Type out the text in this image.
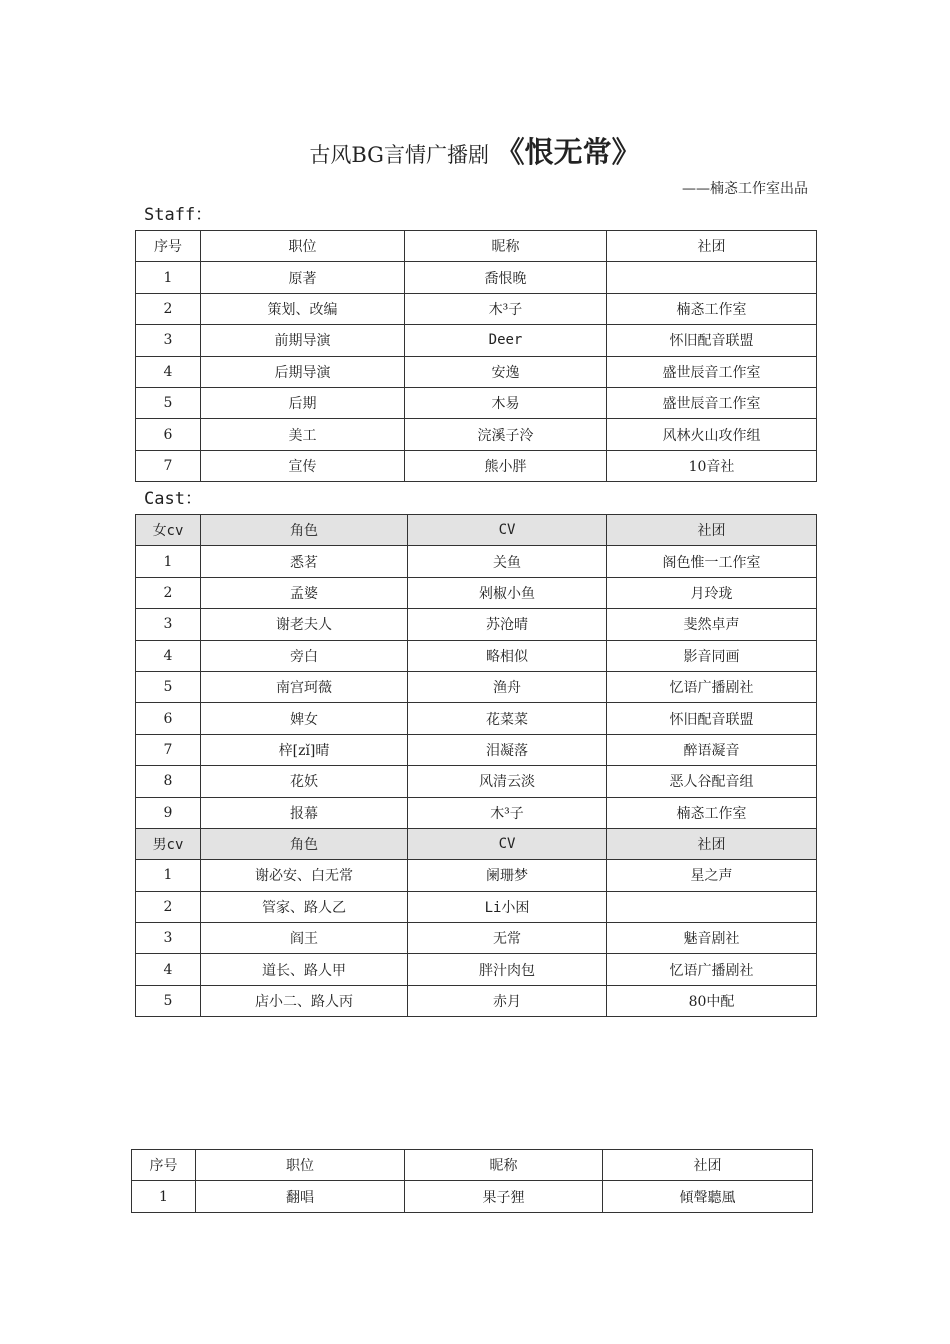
古风BG言情广播剧 《恨无常》
——楠忞工作室出品
Staff：
序号	职位	昵称	社团
1	原著	喬恨晚	
2	策划、改编	木³子	楠忞工作室
3	前期导演	Deer	怀旧配音联盟
4	后期导演	安逸	盛世辰音工作室
5	后期	木易	盛世辰音工作室
6	美工	浣溪子泠	风林火山攻作组
7	宣传	熊小胖	10音社
Cast：
女cv	角色	CV	社团
1	悉茗	关鱼	阁色惟一工作室
2	孟婆	剁椒小鱼	月玲珑
3	谢老夫人	苏沧晴	斐然卓声
4	旁白	略相似	影音同画
5	南宫珂薇	渔舟	忆语广播剧社
6	婢女	花菜菜	怀旧配音联盟
7	梓[zǐ]晴	泪凝落	醉语凝音
8	花妖	风清云淡	恶人谷配音组
9	报幕	木³子	楠忞工作室
男cv	角色	CV	社团
1	谢必安、白无常	阑珊梦	星之声
2	管家、路人乙	Li小困	
3	阎王	无常	魅音剧社
4	道长、路人甲	胖汁肉包	忆语广播剧社
5	店小二、路人丙	赤月	80中配
序号	职位	昵称	社团
1	翻唱	果子狸	傾聲聽風
